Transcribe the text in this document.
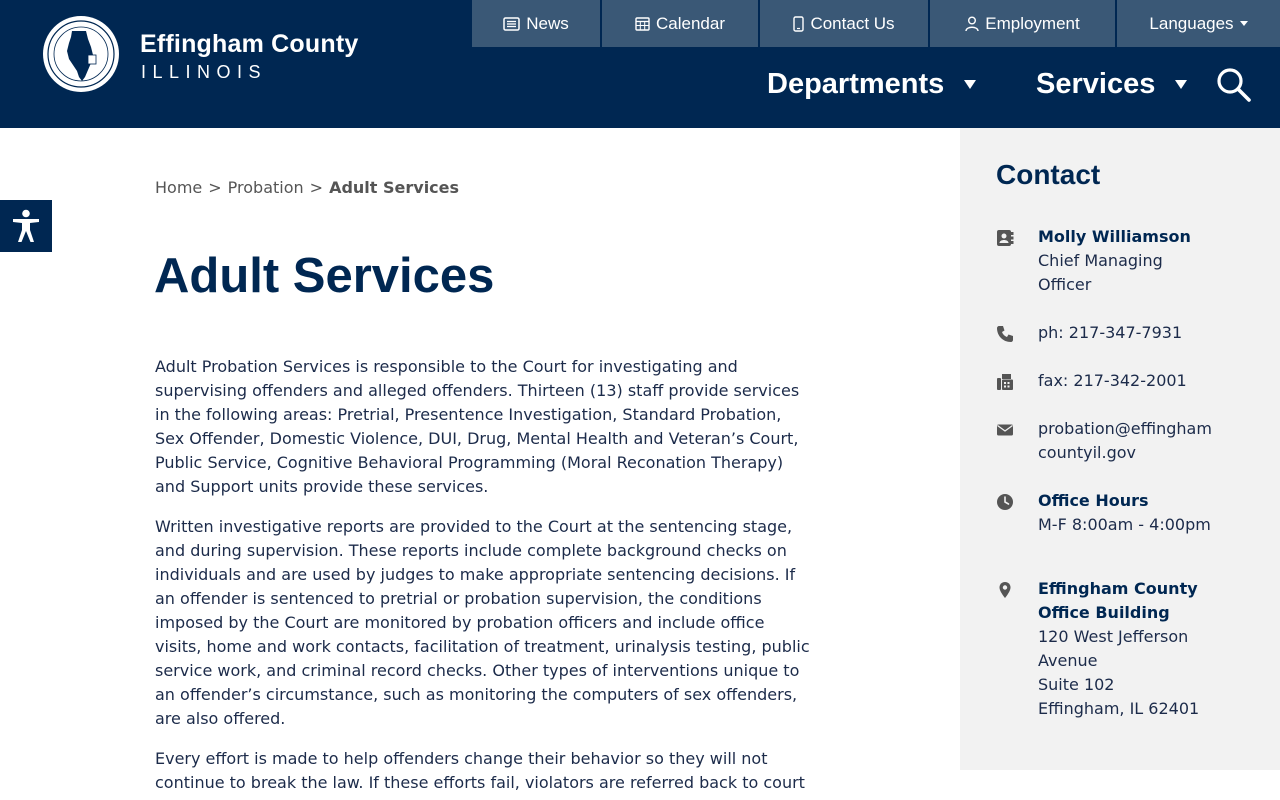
Effingham County
ILLINOIS
News	Calendar	Contact Us	Employment	Languages
Departments	Services
Home > Probation > Adult Services
Adult Services

Adult Probation Services is responsible to the Court for investigating and supervising offenders and alleged offenders. Thirteen (13) staff provide services in the following areas: Pretrial, Presentence Investigation, Standard Probation, Sex Offender, Domestic Violence, DUI, Drug, Mental Health and Veteran’s Court, Public Service, Cognitive Behavioral Programming (Moral Reconation Therapy) and Support units provide these services.

Written investigative reports are provided to the Court at the sentencing stage, and during supervision. These reports include complete background checks on individuals and are used by judges to make appropriate sentencing decisions. If an offender is sentenced to pretrial or probation supervision, the conditions imposed by the Court are monitored by probation officers and include office visits, home and work contacts, facilitation of treatment, urinalysis testing, public service work, and criminal record checks. Other types of interventions unique to an offender’s circumstance, such as monitoring the computers of sex offenders, are also offered.

Every effort is made to help offenders change their behavior so they will not continue to break the law. If these efforts fail, violators are referred back to court

Contact
Molly Williamson
Chief Managing
Officer
ph: 217-347-7931
fax: 217-342-2001
probation@effingham
countyil.gov
Office Hours
M-F 8:00am - 4:00pm
Effingham County
Office Building
120 West Jefferson
Avenue
Suite 102
Effingham, IL 62401
